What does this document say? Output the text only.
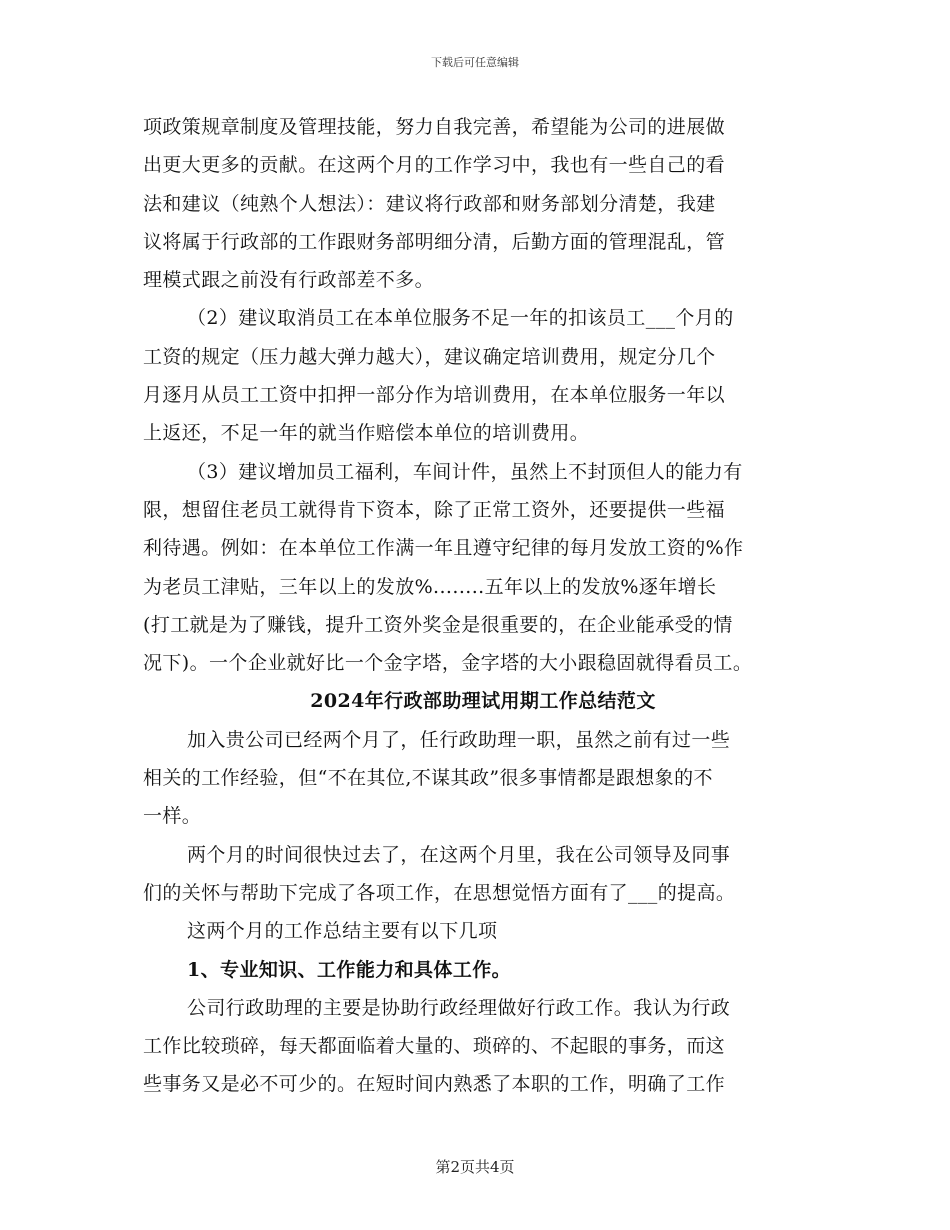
下载后可任意编辑
项政策规章制度及管理技能，努力自我完善，希望能为公司的进展做
出更大更多的贡献。在这两个月的工作学习中，我也有一些自己的看
法和建议（纯熟个人想法）：建议将行政部和财务部划分清楚，我建
议将属于行政部的工作跟财务部明细分清，后勤方面的管理混乱，管
理模式跟之前没有行政部差不多。
（2）建议取消员工在本单位服务不足一年的扣该员工___个月的
工资的规定（压力越大弹力越大），建议确定培训费用，规定分几个
月逐月从员工工资中扣押一部分作为培训费用，在本单位服务一年以
上返还，不足一年的就当作赔偿本单位的培训费用。
（3）建议增加员工福利，车间计件，虽然上不封顶但人的能力有
限，想留住老员工就得肯下资本，除了正常工资外，还要提供一些福
利待遇。例如：在本单位工作满一年且遵守纪律的每月发放工资的%作
为老员工津贴，三年以上的发放%........五年以上的发放%逐年增长
(打工就是为了赚钱，提升工资外奖金是很重要的，在企业能承受的情
况下)。一个企业就好比一个金字塔，金字塔的大小跟稳固就得看员工。
2024年行政部助理试用期工作总结范文
加入贵公司已经两个月了，任行政助理一职，虽然之前有过一些
相关的工作经验，但“不在其位,不谋其政”很多事情都是跟想象的不
一样。
两个月的时间很快过去了，在这两个月里，我在公司领导及同事
们的关怀与帮助下完成了各项工作，在思想觉悟方面有了___的提高。
这两个月的工作总结主要有以下几项
1、专业知识、工作能力和具体工作。
公司行政助理的主要是协助行政经理做好行政工作。我认为行政
工作比较琐碎，每天都面临着大量的、琐碎的、不起眼的事务，而这
些事务又是必不可少的。在短时间内熟悉了本职的工作，明确了工作
第2页共4页
